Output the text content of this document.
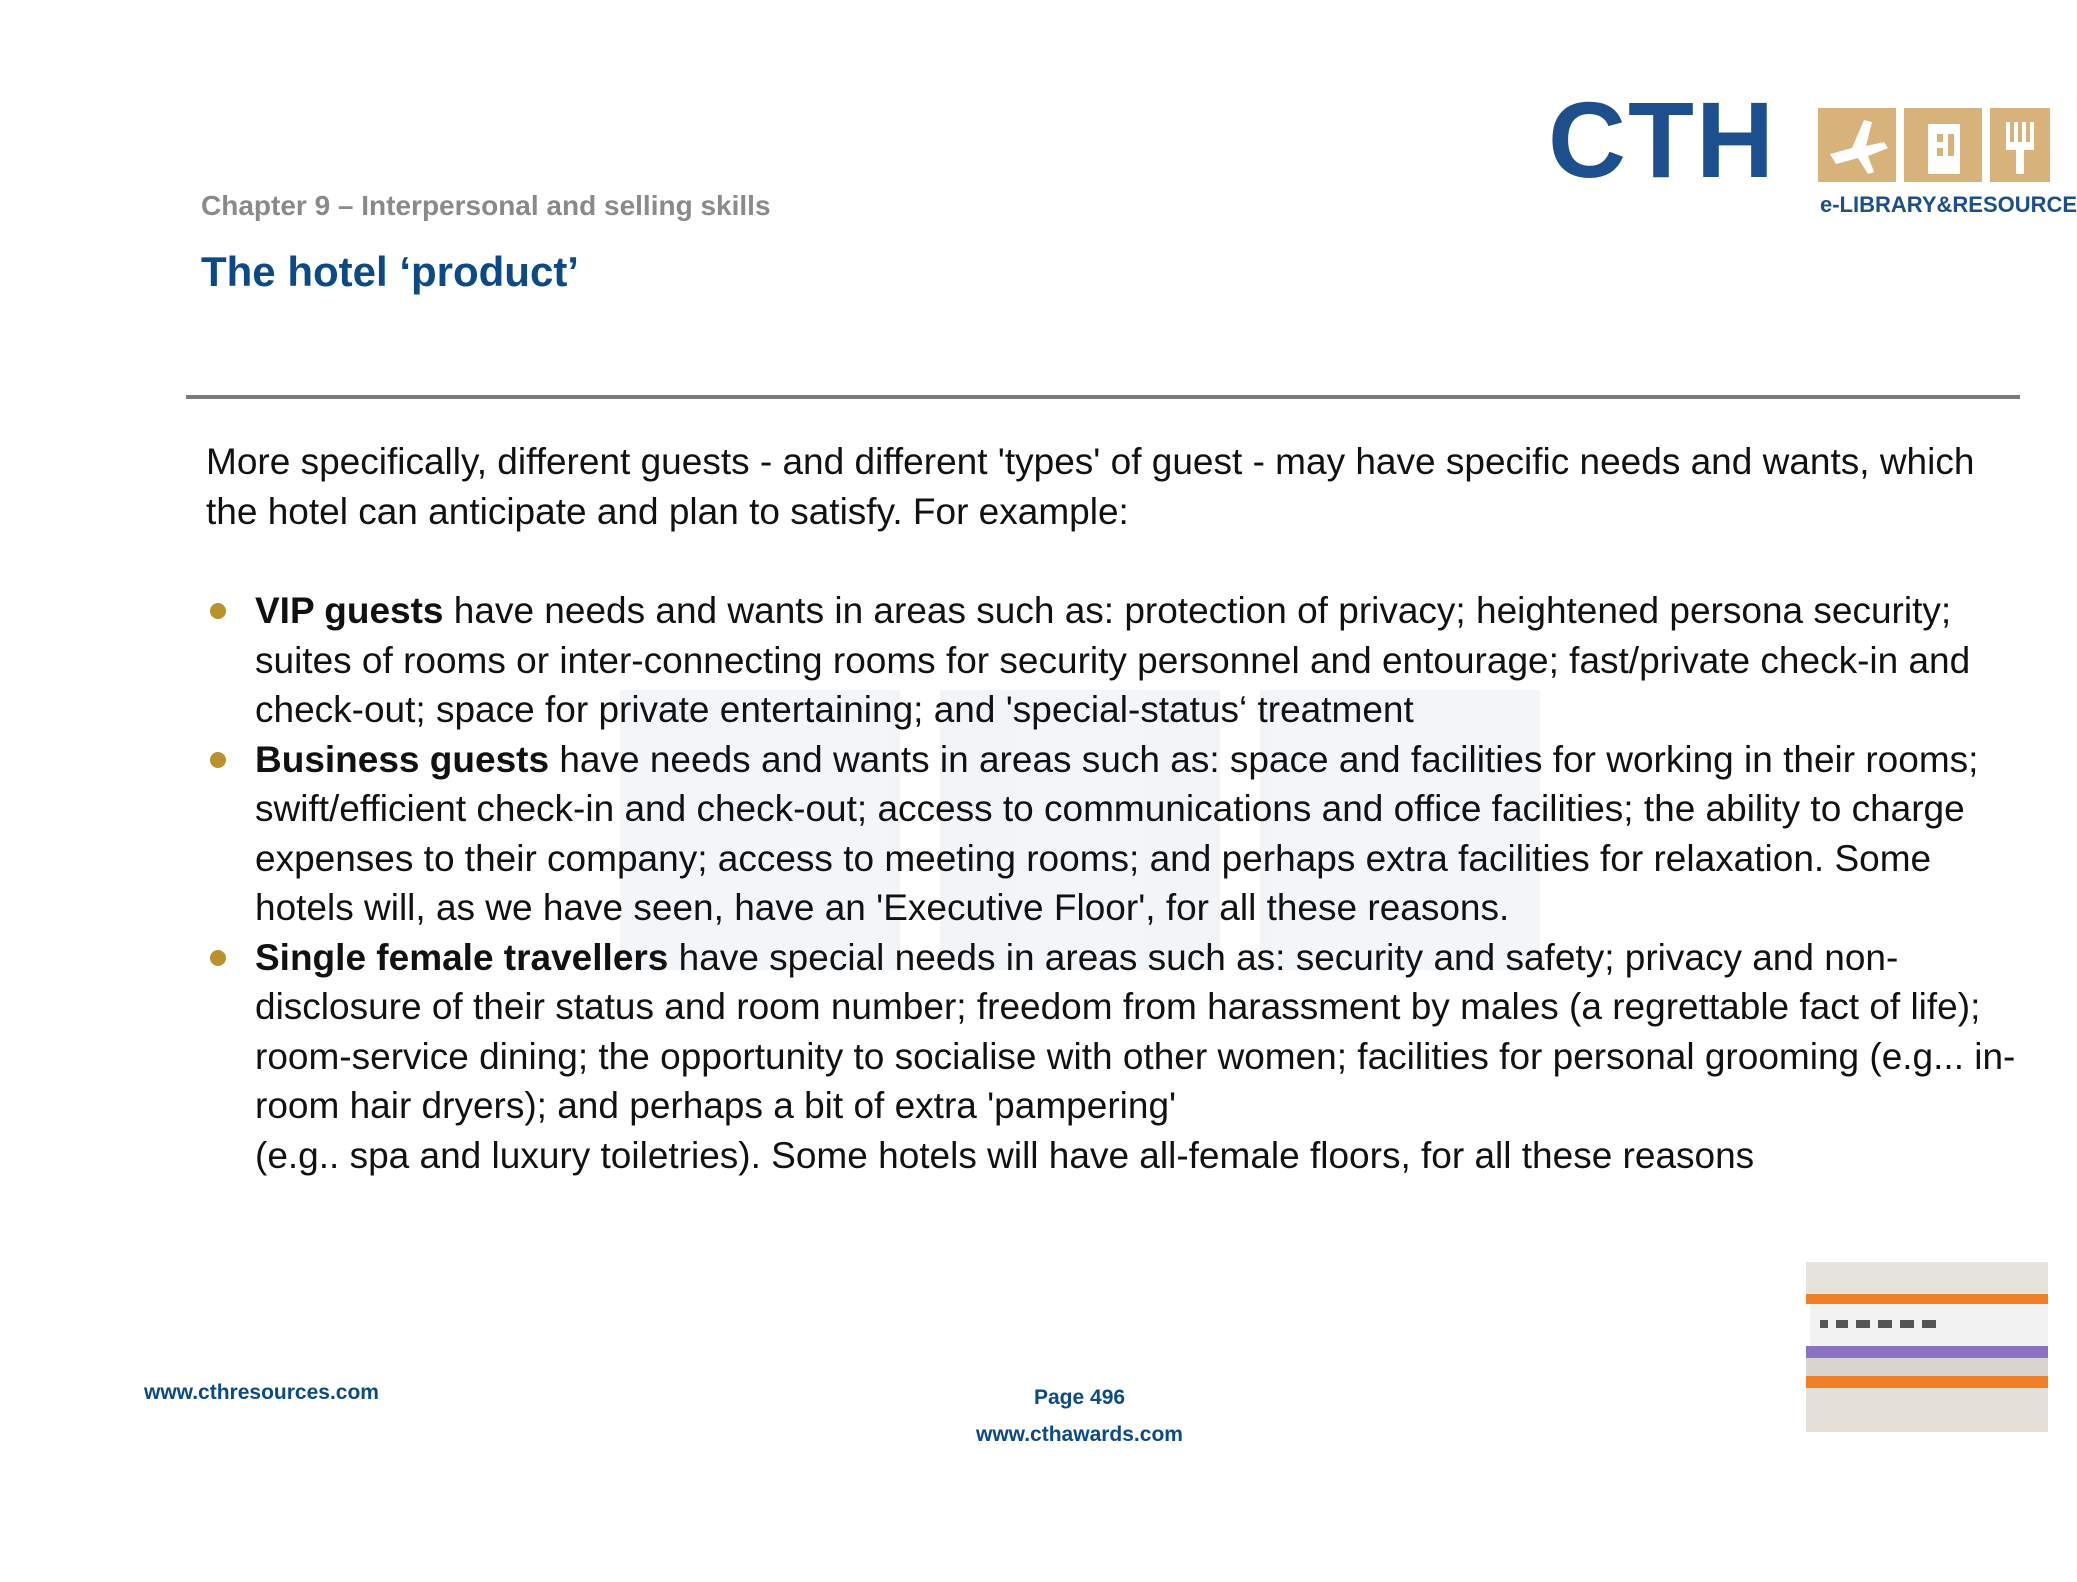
CTH
e-LIBRARY&RESOURCE
Chapter 9 – Interpersonal and selling skills
The hotel ‘product’

More specifically, different guests - and different 'types' of guest - may have specific needs and wants, which the hotel can anticipate and plan to satisfy. For example:

VIP guests have needs and wants in areas such as: protection of privacy; heightened persona security; suites of rooms or inter-connecting rooms for security personnel and entourage; fast/private check-in and check-out; space for private entertaining; and 'special-status‘ treatment
Business guests have needs and wants in areas such as: space and facilities for working in their rooms; swift/efficient check-in and check-out; access to communications and office facilities; the ability to charge expenses to their company; access to meeting rooms; and perhaps extra facilities for relaxation. Some hotels will, as we have seen, have an 'Executive Floor', for all these reasons.
Single female travellers have special needs in areas such as: security and safety; privacy and non-disclosure of their status and room number; freedom from harassment by males (a regrettable fact of life); room-service dining; the opportunity to socialise with other women; facilities for personal grooming (e.g... in-room hair dryers); and perhaps a bit of extra 'pampering'
(e.g.. spa and luxury toiletries). Some hotels will have all-female floors, for all these reasons
www.cthresources.com	Page 496
www.cthawards.com
